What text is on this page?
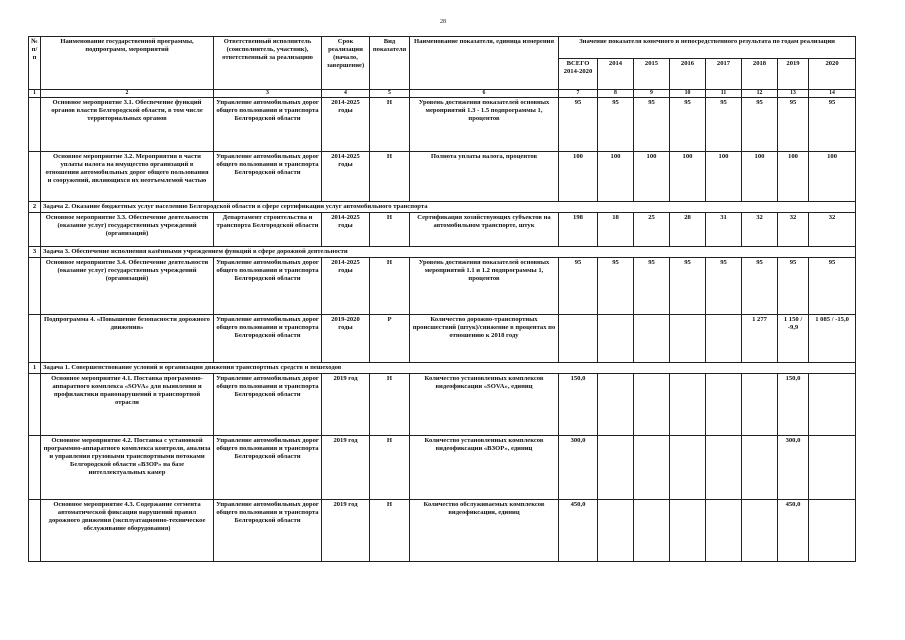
28
№ п/п	Наименование государственной программы, подпрограмм, мероприятий	Ответственный исполнитель (соисполнитель, участник), ответственный за реализацию	Срок реализации (начало, завершение)	Вид показателя	Наименование показателя, единица измерения	Значение показателя конечного и непосредственного результата по годам реализации							
						ВСЕГО 2014-2020	2014	2015	2016	2017	2018	2019	2020
1	2	3	4	5	6	7	8	9	10	11	12	13	14
	Основное мероприятие 3.1. Обеспечение функций органов власти Белгородской области, в том числе территориальных органов	Управление автомобильных дорог общего пользования и транспорта Белгородской области	2014-2025 годы	Н	Уровень достижения показателей основных мероприятий 1.3 - 1.5 подпрограммы 1, процентов	95	95	95	95	95	95	95	95
	Основное мероприятие 3.2. Мероприятия в части уплаты налога на имущество организаций в отношении автомобильных дорог общего пользования и сооружений, являющихся их неотъемлемой частью	Управление автомобильных дорог общего пользования и транспорта Белгородской области	2014-2025 годы	Н	Полнота уплаты налога, процентов	100	100	100	100	100	100	100	100
2	Задача 2. Оказание бюджетных услуг населению Белгородской области в сфере сертификации услуг автомобильного транспорта												
	Основное мероприятие 3.3. Обеспечение деятельности (оказание услуг) государственных учреждений (организаций)	Департамент строительства и транспорта Белгородской области	2014-2025 годы	Н	Сертификация хозяйствующих субъектов на автомобильном транспорте, штук	198	18	25	28	31	32	32	32
3	Задача 3. Обеспечение исполнения казёнными учреждением функций в сфере дорожной деятельности												
	Основное мероприятие 3.4. Обеспечение деятельности (оказание услуг) государственных учреждений (организаций)	Управление автомобильных дорог общего пользования и транспорта Белгородской области	2014-2025 годы	Н	Уровень достижения показателей основных мероприятий 1.1 и 1.2 подпрограммы 1, процентов	95	95	95	95	95	95	95	95
	Подпрограмма 4. «Повышение безопасности дорожного движения»	Управление автомобильных дорог общего пользования и транспорта Белгородской области	2019-2020 годы	Р	Количество дорожно-транспортных происшествий (штук)/снижение в процентах по отношению к 2018 году						1 277	1 150 / -9,9	1 085 / -15,0
1	Задача 1. Совершенствование условий и организации движения транспортных средств и пешеходов												
	Основное мероприятие 4.1. Поставка программно-аппаратного комплекса «SOVA» для выявления и профилактики правонарушений в транспортной отрасли	Управление автомобильных дорог общего пользования и транспорта Белгородской области	2019 год	Н	Количество установленных комплексов видеофиксации «SOVA», единиц	150,0						150,0	
	Основное мероприятие 4.2. Поставка с установкой программно-аппаратного комплекса контроля, анализа и управления грузовыми транспортными потоками Белгородской области «ВЗОР» на базе интеллектуальных камер	Управление автомобильных дорог общего пользования и транспорта Белгородской области	2019 год	Н	Количество установленных комплексов видеофиксации «ВЗОР», единиц	300,0						300,0	
	Основное мероприятие 4.3. Содержание сегмента автоматической фиксации нарушений правил дорожного движения (эксплуатационно-техническое обслуживание оборудования)	Управление автомобильных дорог общего пользования и транспорта Белгородской области	2019 год	Н	Количество обслуживаемых комплексов видеофиксации, единиц	450,0						450,0	
